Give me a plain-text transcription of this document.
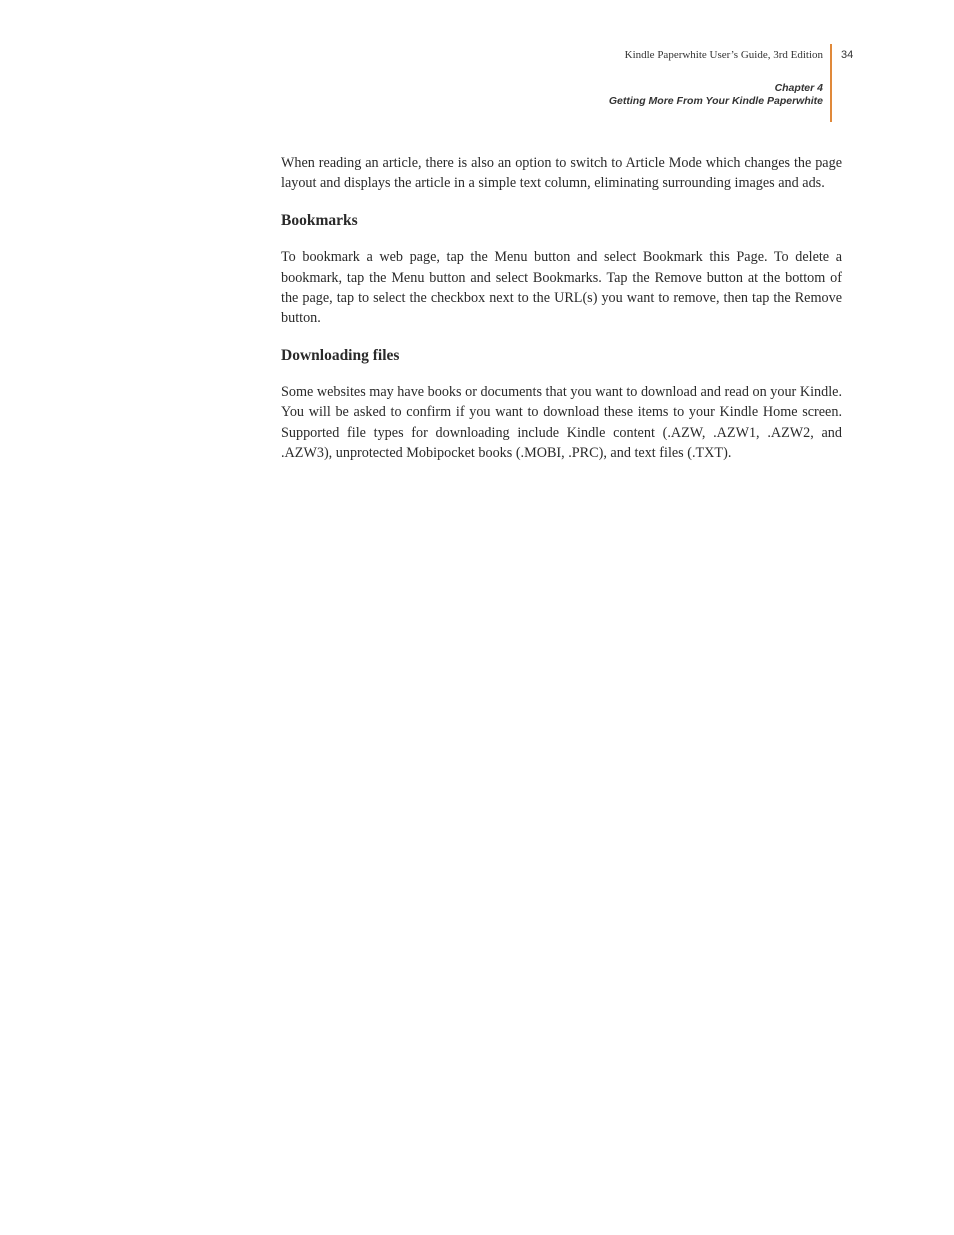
Kindle Paperwhite User’s Guide, 3rd Edition 34
Chapter 4
Getting More From Your Kindle Paperwhite

When reading an article, there is also an option to switch to Article Mode which changes the page layout and displays the article in a simple text column, eliminating surrounding images and ads.

Bookmarks

To bookmark a web page, tap the Menu button and select Bookmark this Page. To delete a bookmark, tap the Menu button and select Bookmarks. Tap the Remove button at the bottom of the page, tap to select the checkbox next to the URL(s) you want to remove, then tap the Remove button.

Downloading files

Some websites may have books or documents that you want to download and read on your Kindle. You will be asked to confirm if you want to download these items to your Kindle Home screen. Supported file types for downloading include Kindle content (.AZW, .AZW1, .AZW2, and .AZW3), unprotected Mobipocket books (.MOBI, .PRC), and text files (.TXT).
